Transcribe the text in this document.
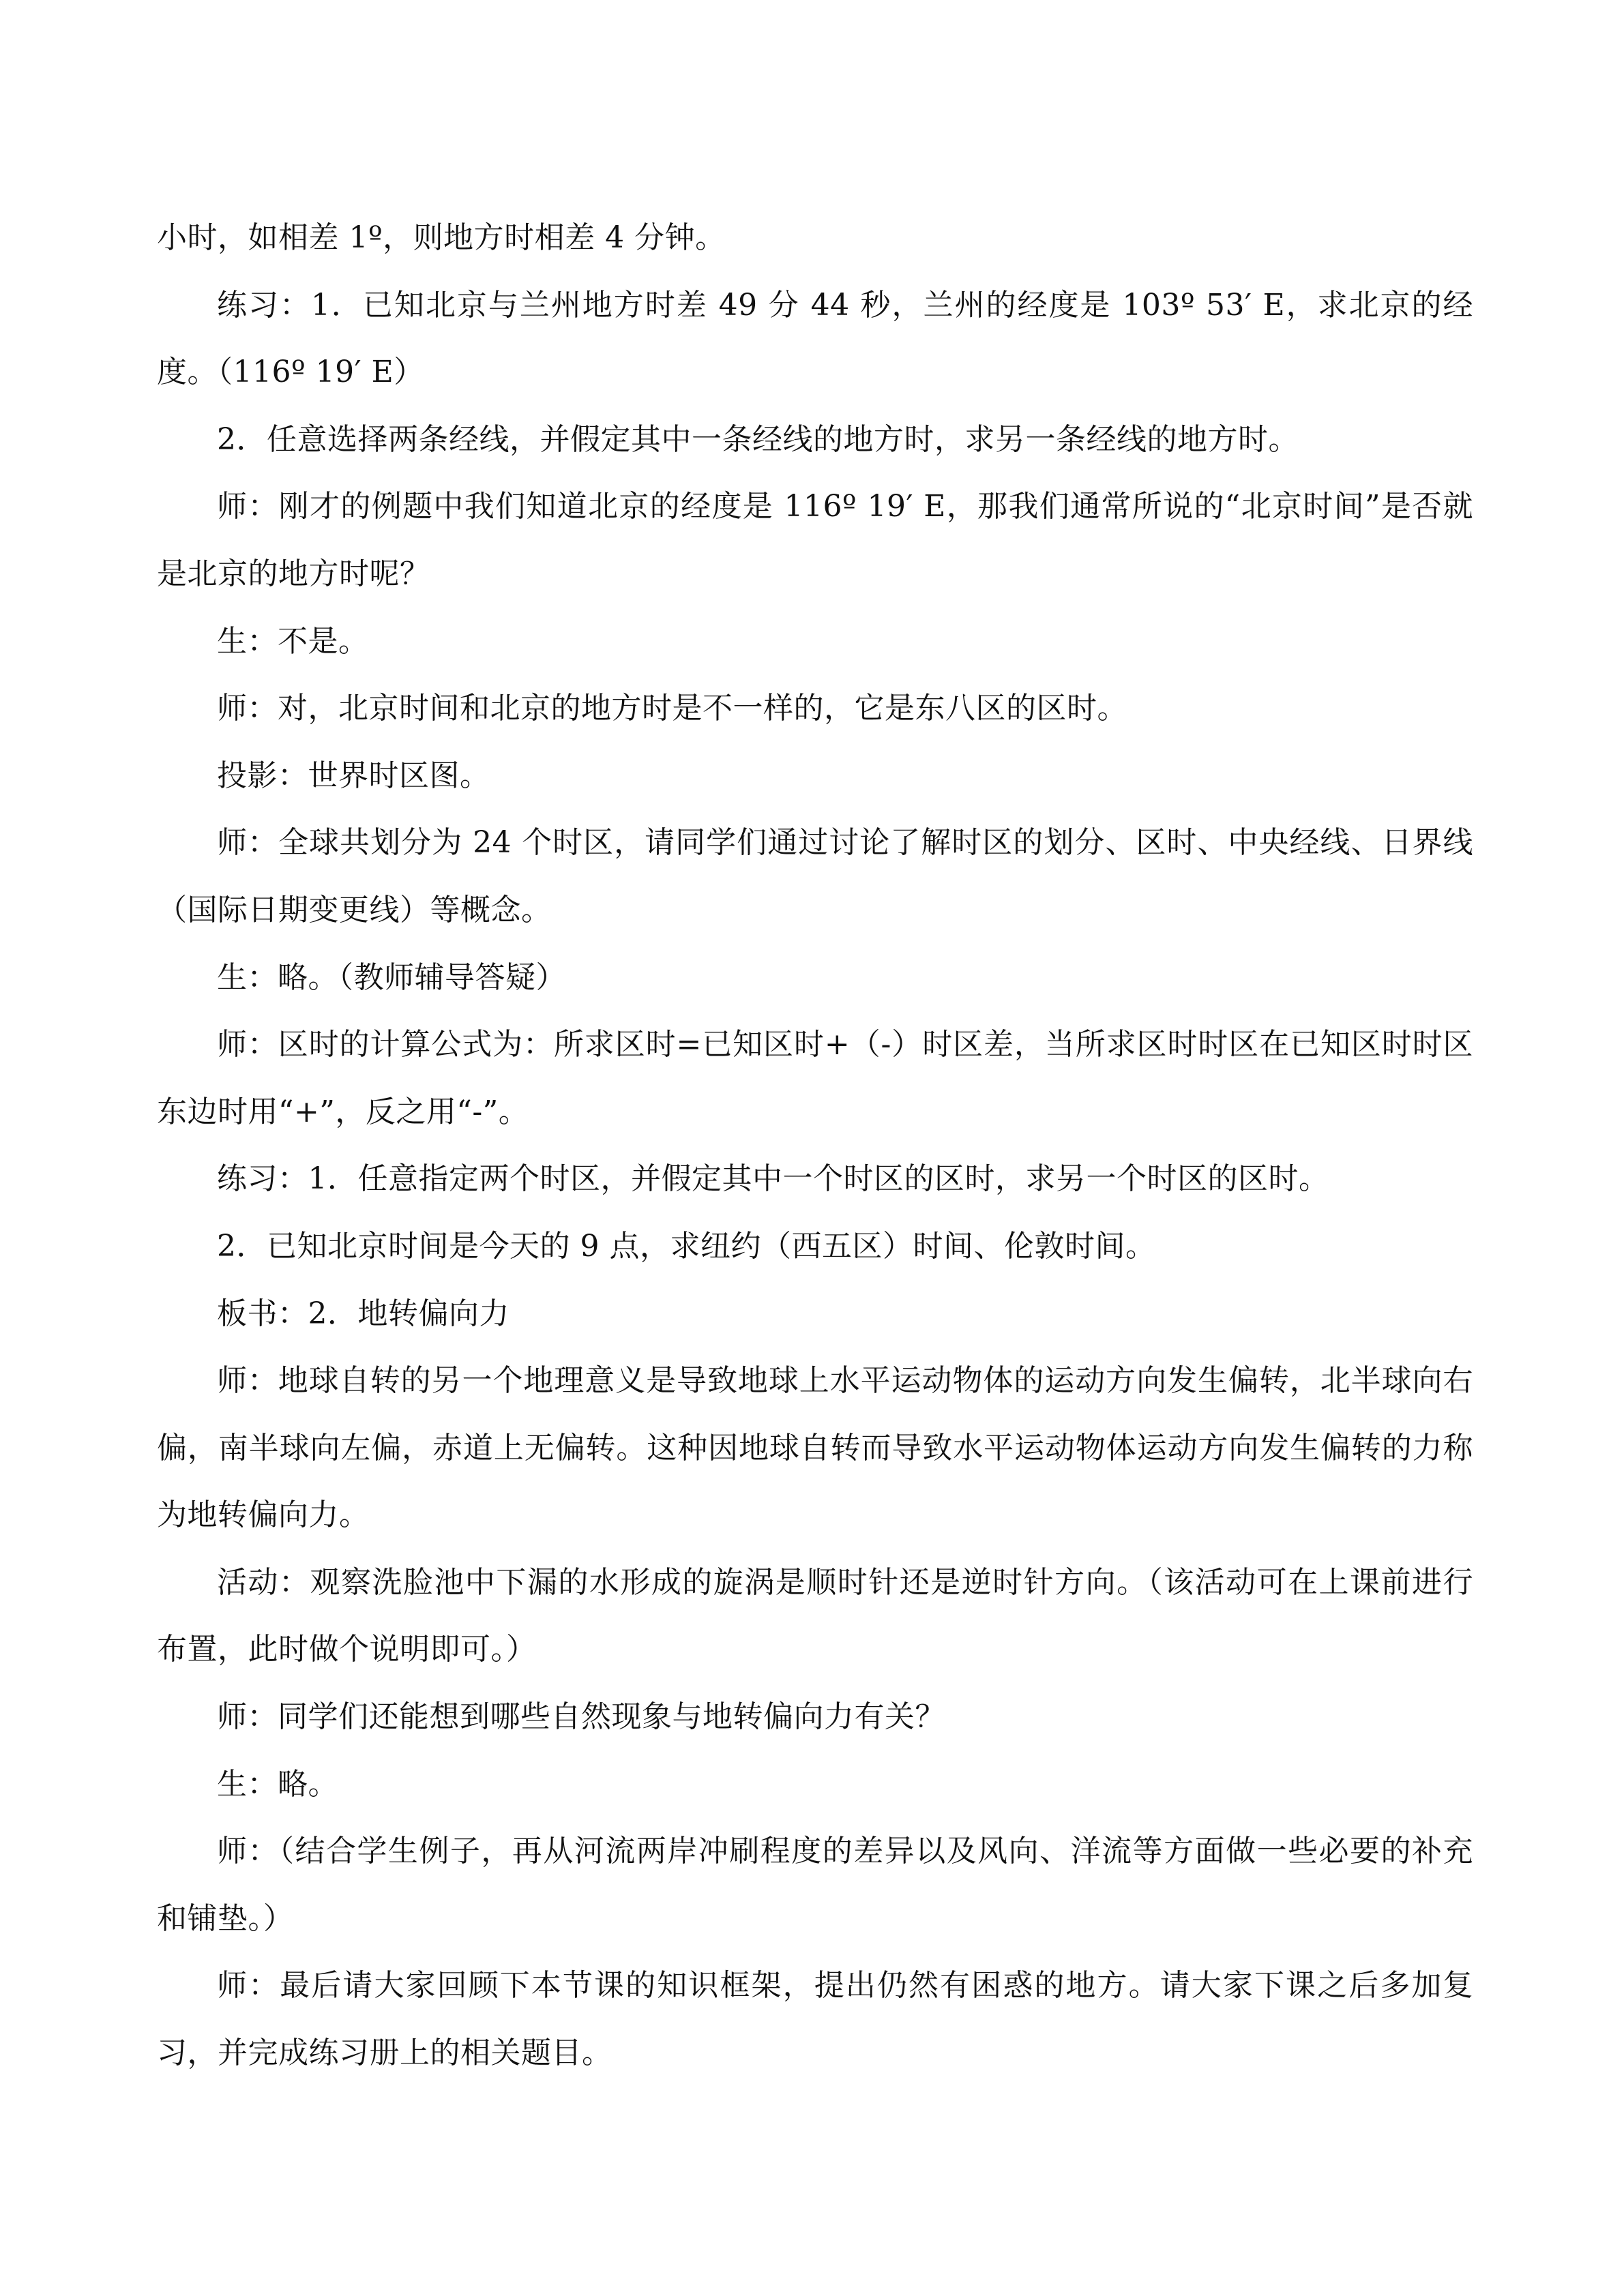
小时，如相差 1º，则地方时相差 4 分钟。

练习：1．已知北京与兰州地方时差 49 分 44 秒，兰州的经度是 103º 53′ E，求北京的经度。（116º 19′ E）

2．任意选择两条经线，并假定其中一条经线的地方时，求另一条经线的地方时。

师：刚才的例题中我们知道北京的经度是 116º 19′ E，那我们通常所说的“北京时间”是否就是北京的地方时呢？

生：不是。

师：对，北京时间和北京的地方时是不一样的，它是东八区的区时。

投影：世界时区图。

师：全球共划分为 24 个时区，请同学们通过讨论了解时区的划分、区时、中央经线、日界线（国际日期变更线）等概念。

生：略。（教师辅导答疑）

师：区时的计算公式为：所求区时=已知区时+（-）时区差，当所求区时时区在已知区时时区东边时用“+”，反之用“-”。

练习：1．任意指定两个时区，并假定其中一个时区的区时，求另一个时区的区时。

2．已知北京时间是今天的 9 点，求纽约（西五区）时间、伦敦时间。

板书：2．地转偏向力

师：地球自转的另一个地理意义是导致地球上水平运动物体的运动方向发生偏转，北半球向右偏，南半球向左偏，赤道上无偏转。这种因地球自转而导致水平运动物体运动方向发生偏转的力称为地转偏向力。

活动：观察洗脸池中下漏的水形成的旋涡是顺时针还是逆时针方向。（该活动可在上课前进行布置，此时做个说明即可。）

师：同学们还能想到哪些自然现象与地转偏向力有关？

生：略。

师：（结合学生例子，再从河流两岸冲刷程度的差异以及风向、洋流等方面做一些必要的补充和铺垫。）

师：最后请大家回顾下本节课的知识框架，提出仍然有困惑的地方。请大家下课之后多加复习，并完成练习册上的相关题目。
